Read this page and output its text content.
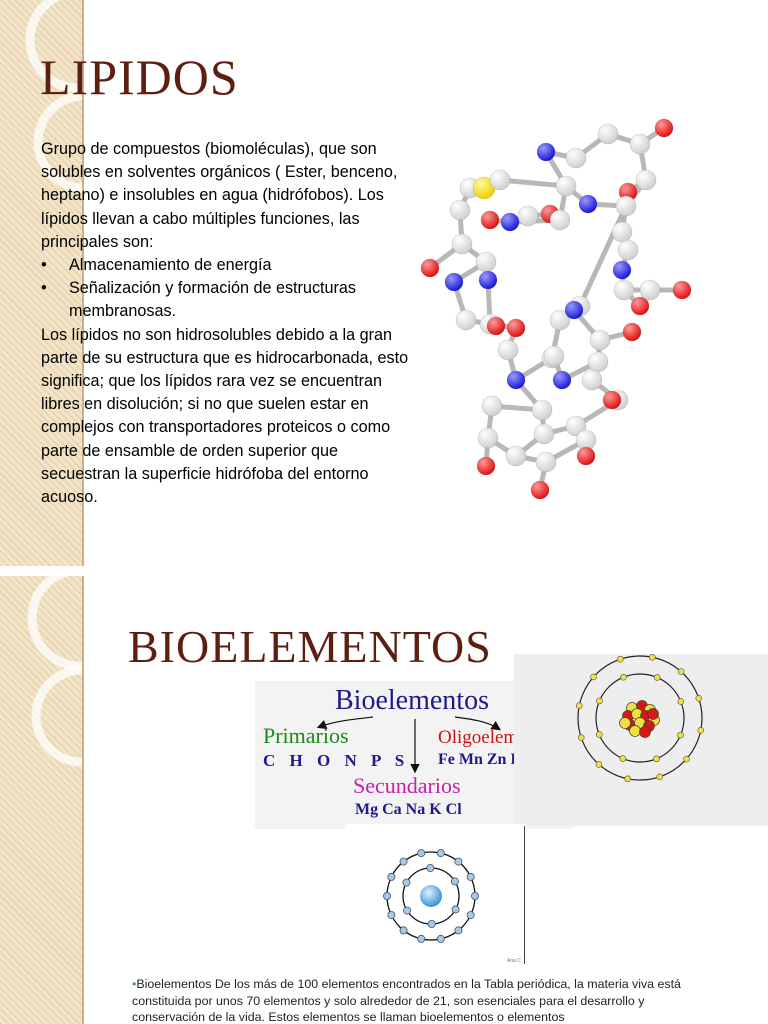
LIPIDOS

Grupo de compuestos (biomoléculas), que son solubles en solventes orgánicos ( Ester, benceno, heptano) e insolubles en agua (hidrófobos). Los lípidos llevan a cabo múltiples funciones, las principales son:

• Almacenamiento de energía
• Señalización y formación de estructuras membranosas.

Los lípidos no son hidrosolubles debido a la gran parte de su estructura que es hidrocarbonada, esto significa; que los lípidos rara vez se encuentran libres en disolución; si no que suelen estar en complejos con transportadores proteicos o como parte de ensamble de orden superior que secuestran la superficie hidrófoba del entorno acuoso.

BIOELEMENTOS
Bioelementos
Primarios
C H O N P S
Oligoelementos
Fe Mn Zn F Cu
Secundarios
Mg Ca Na K Cl	Fácil y rápido
Ana C
•Bioelementos De los más de 100 elementos encontrados en la Tabla periódica, la materia viva está constituida por unos 70 elementos y solo alrededor de 21, son esenciales para el desarrollo y conservación de la vida. Estos elementos se llaman bioelementos o elementos
